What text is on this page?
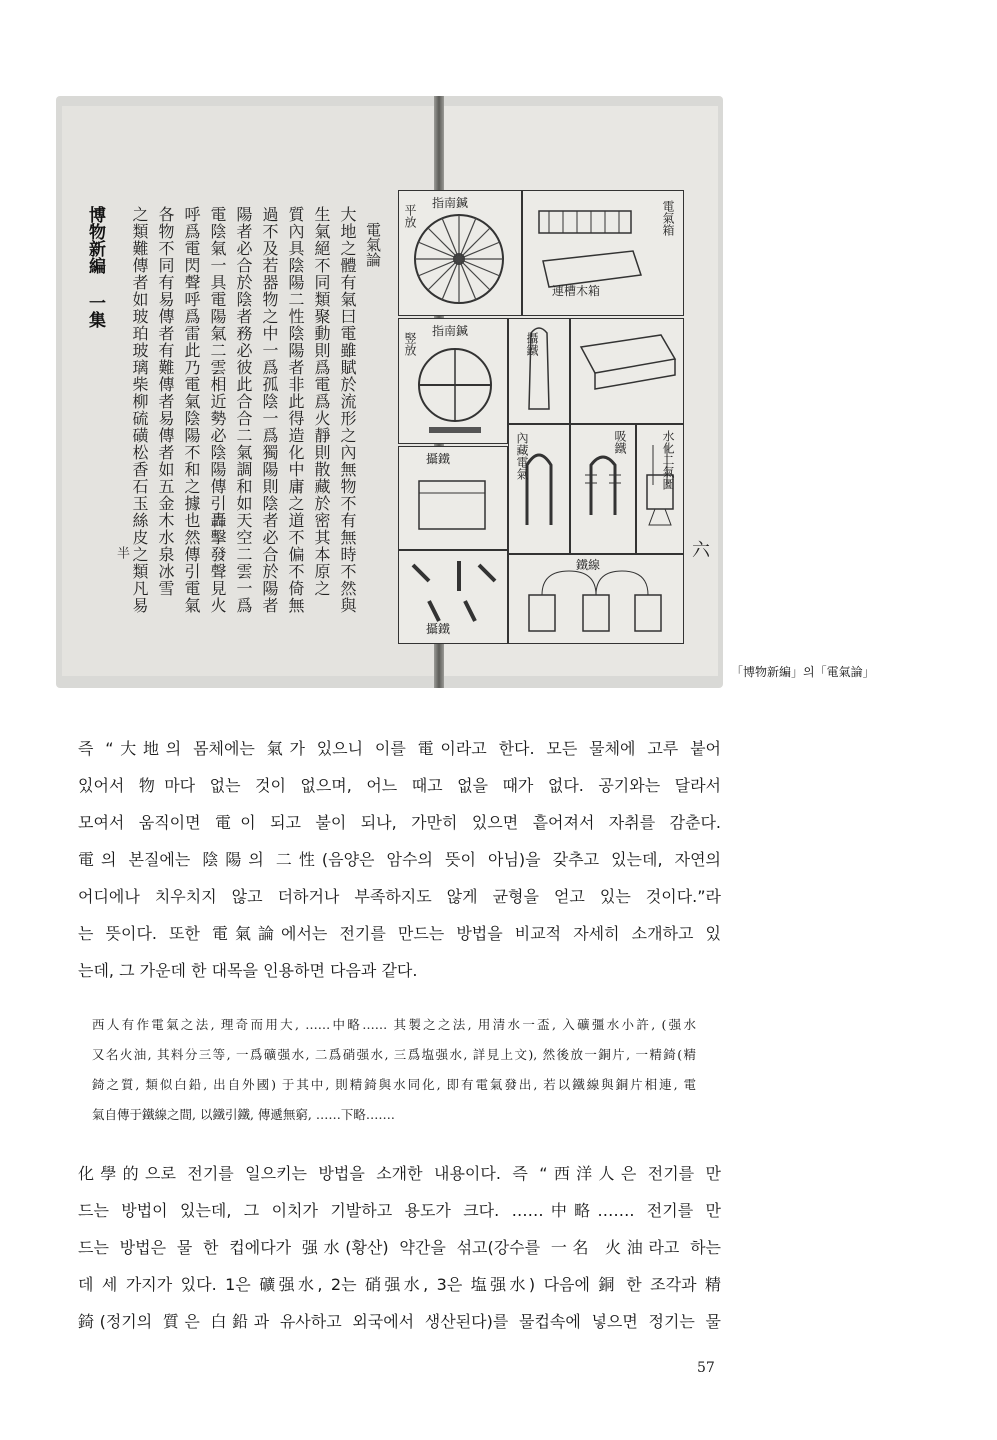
博物新編 一集	電氣論
大地之體有氣曰電雖賦於流形之內無物不有無時不然與
生氣絕不同類聚動則爲電爲火靜則散藏於密其本原之
質內具陰陽二性陰陽者非此得造化中庸之道不偏不倚無
過不及若器物之中一爲孤陰一爲獨陽則陰者必合於陽者
陽者必合於陰者務必彼此合合二氣調和如天空二雲一爲
電陰氣一具電陽氣二雲相近勢必陰陽傳引轟擊發聲見火
呼爲電閃聲呼爲雷此乃電氣陰陽不和之據也然傳引電氣
各物不同有易傳者有難傳者易傳者如五金木水泉冰雪
之類難傳者如玻珀玻璃柴柳硫磺松香石玉絲皮之類凡易
半
指南鍼
平放	電氣箱
連槽木箱
指南鍼
竪放	攝鐵
內藏電氣	吸鐵	水化二氣圖
攝鐵
攝鐵
鐵線
六
「博物新編」의「電氣論」
즉 “大地의 몸체에는 氣가 있으니 이를 電이라고 한다. 모든 물체에 고루 붙어
있어서 物마다 없는 것이 없으며, 어느 때고 없을 때가 없다. 공기와는 달라서
모여서 움직이면 電이 되고 불이 되나, 가만히 있으면 흩어져서 자취를 감춘다.
電의 본질에는 陰陽의 二性(음양은 암수의 뜻이 아님)을 갖추고 있는데, 자연의
어디에나 치우치지 않고 더하거나 부족하지도 않게 균형을 얻고 있는 것이다.”라
는 뜻이다. 또한 電氣論에서는 전기를 만드는 방법을 비교적 자세히 소개하고 있
는데, 그 가운데 한 대목을 인용하면 다음과 같다.
西人有作電氣之法, 理奇而用大, ……中略…… 其製之之法, 用清水一盃, 入礦彊水小許, (强水
又名火油, 其料分三等, 一爲礦强水, 二爲硝强水, 三爲塩强水, 詳見上文), 然後放一銅片, 一精錡(精
錡之質, 類似白鉛, 出自外國) 于其中, 則精錡與水同化, 即有電氣發出, 若以鐵線與銅片相連, 電
氣自傳于鐵線之間, 以鐵引鐵, 傳遞無窮, ……下略…….
化學的으로 전기를 일으키는 방법을 소개한 내용이다. 즉 “西洋人은 전기를 만
드는 방법이 있는데, 그 이치가 기발하고 용도가 크다. ……中略……. 전기를 만
드는 방법은 물 한 컵에다가 强水(황산) 약간을 섞고(강수를 一名 火油라고 하는
데 세 가지가 있다. 1은 礦强水, 2는 硝强水, 3은 塩强水) 다음에 銅 한 조각과 精
錡(정기의 質은 白鉛과 유사하고 외국에서 생산된다)를 물컵속에 넣으면 정기는 물
57
